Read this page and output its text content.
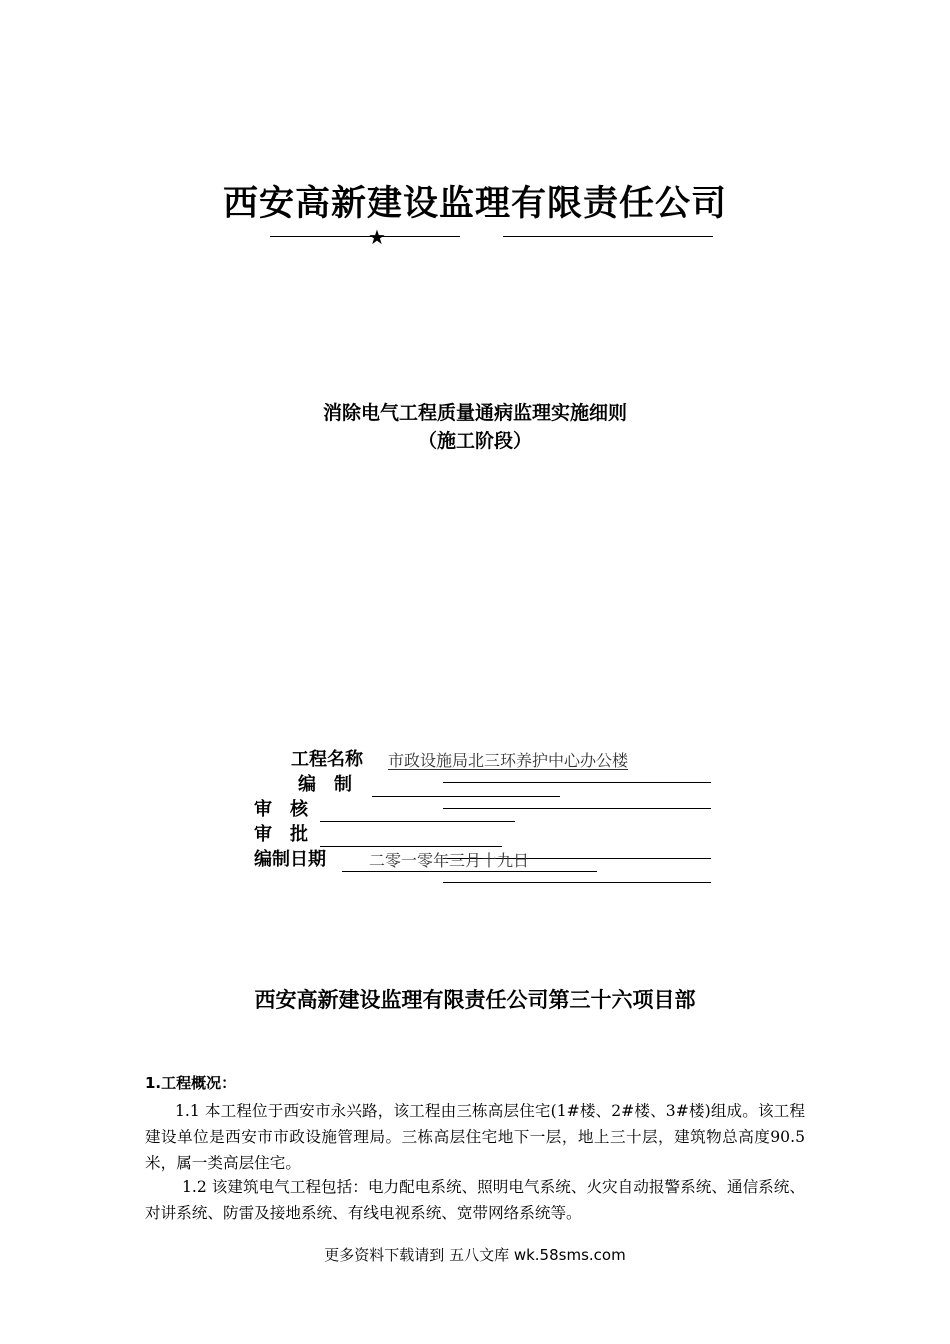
西安高新建设监理有限责任公司
★
消除电气工程质量通病监理实施细则
（施工阶段）
工程名称 市政设施局北三环养护中心办公楼
编　制
审　核
审　批
编制日期	二零一零年三月十九日
西安高新建设监理有限责任公司第三十六项目部
1.工程概况：
1.1 本工程位于西安市永兴路，该工程由三栋高层住宅(1#楼、2#楼、3#楼)组成。该工程建设单位是西安市市政设施管理局。三栋高层住宅地下一层，地上三十层，建筑物总高度90.5米，属一类高层住宅。
1.2 该建筑电气工程包括：电力配电系统、照明电气系统、火灾自动报警系统、通信系统、对讲系统、防雷及接地系统、有线电视系统、宽带网络系统等。
更多资料下载请到 五八文库 wk.58sms.com
